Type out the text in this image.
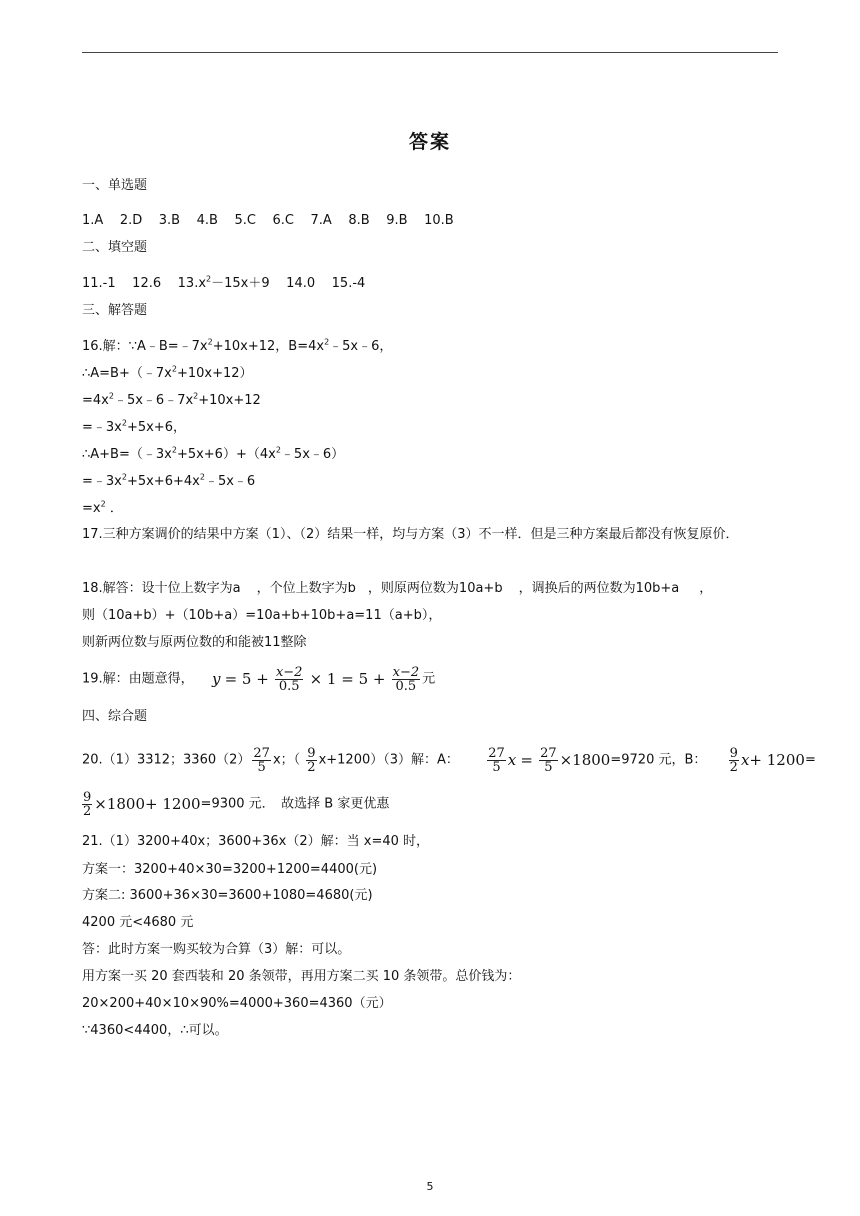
答案
一、单选题
1.A 2.D 3.B 4.B 5.C 6.C 7.A 8.B 9.B 10.B
二、填空题
11.-1 12.6 $13.x^2-15x+9$ 14.0 15.-4
三、解答题
16.解：$\because A﹣B=﹣7x^2+10x+12$，$B=4x^2﹣5x﹣6$，
$\therefore A=B+(﹣7x^2+10x+12)$
$=4x^2﹣5x﹣6﹣7x^2+10x+12$
$=﹣3x^2+5x+6$，
$\therefore A+B=(﹣3x^2+5x+6)+(4x^2﹣5x﹣6)$
$=﹣3x^2+5x+6+4x^2﹣5x﹣6$
$=x^2$ ．
17.三种方案调价的结果中方案（1）、（2）结果一样，均与方案（3）不一样．但是三种方案最后都没有恢复原价．
18.解答：设十位上数字为a ，个位上数字为b ，则原两位数为10a+b ，调换后的两位数为10b+a ，
则（10a+b）+（10b+a）=10a+b+10b+a=11（a+b），
则新两位数与原两位数的和能被11整除
19.解：由题意得， $y = 5 + \frac{x-2}{0.5} \times 1 = 5 + \frac{x-2}{0.5}$ 元
四、综合题
20.（1）3312；$3360(2) \frac{27}{5}$ x；（ $\frac{9}{2} x+1200)(3)$解：A： $\frac{27}{5}$ $x = \frac{27}{5} \times 1800=9720$ 元，B： $\frac{9}{2} x+ 1200=$
$\frac{9}{2} \times 1800+ 1200=9300$ 元．　故选择 B 家更优惠
21.（1）3200+40x；3600+36x（2）解：当 x=40 时，
方案一：3200+40×30=3200+1200=4400(元)
方案二: 3600+36×30=3600+1080=4680(元)
4200 元<4680 元
答：此时方案一购买较为合算（3）解：可以。
用方案一买 20 套西装和 20 条领带，再用方案二买 10 条领带。总价钱为：
20×200+40×10×90%=4000+360=4360（元）
∵4360<4400，∴可以。
5
